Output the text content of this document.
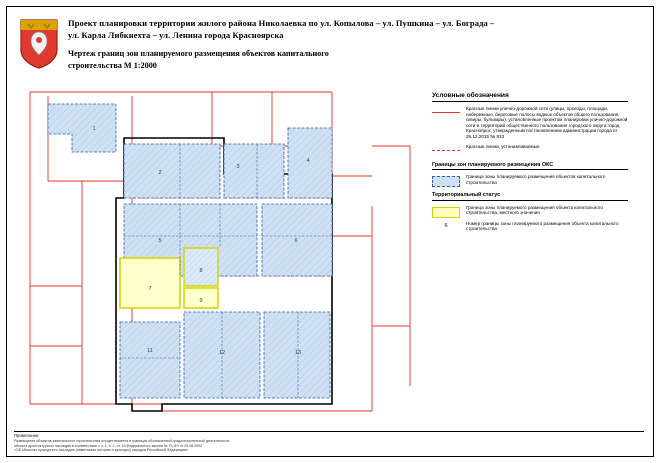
Проект планировки территории жилого района Николаевка по ул. Копылова – ул. Пушкина – ул. Бограда –
ул. Карла Либкнехта – ул. Ленина города Красноярска
Чертеж границ зон планируемого размещения объектов капитального
строительства М 1:2000
1
2
3
4
5	6
7
8
9
11	12	13
Условные обозначения
Красные линии улично-дорожной сети (улицы, проезды, площади, набережные, береговые полосы водных объектов общего пользования, скверы, бульвары), установленные проектом планировки улично-дорожной сети и территорий общественного пользования городского округа город Красноярск, утвержденным постановлением администрации города от 25.12.2015 № 833
Красные линии, устанавливаемые
Границы зон планируемого размещения ОКС
Граница зоны планируемого размещения объектов капитального строительства
Территориальный статус
Граница зоны планируемого размещения объекта капитального строительства, местного значения
6	Номер границы зоны планируемого размещения объекта капитального строительства
Примечание:
Размещение объектов капитального строительства осуществляется в границах обозначенной градостроительной деятельности,
объекта архитектурного наследия в соответствии с ч. 1, п. 1, ст. 16 Федерального закона № 73-ФЗ от 25.06.2002
«Об объектах культурного наследия (памятниках истории и культуры) народов Российской Федерации».
